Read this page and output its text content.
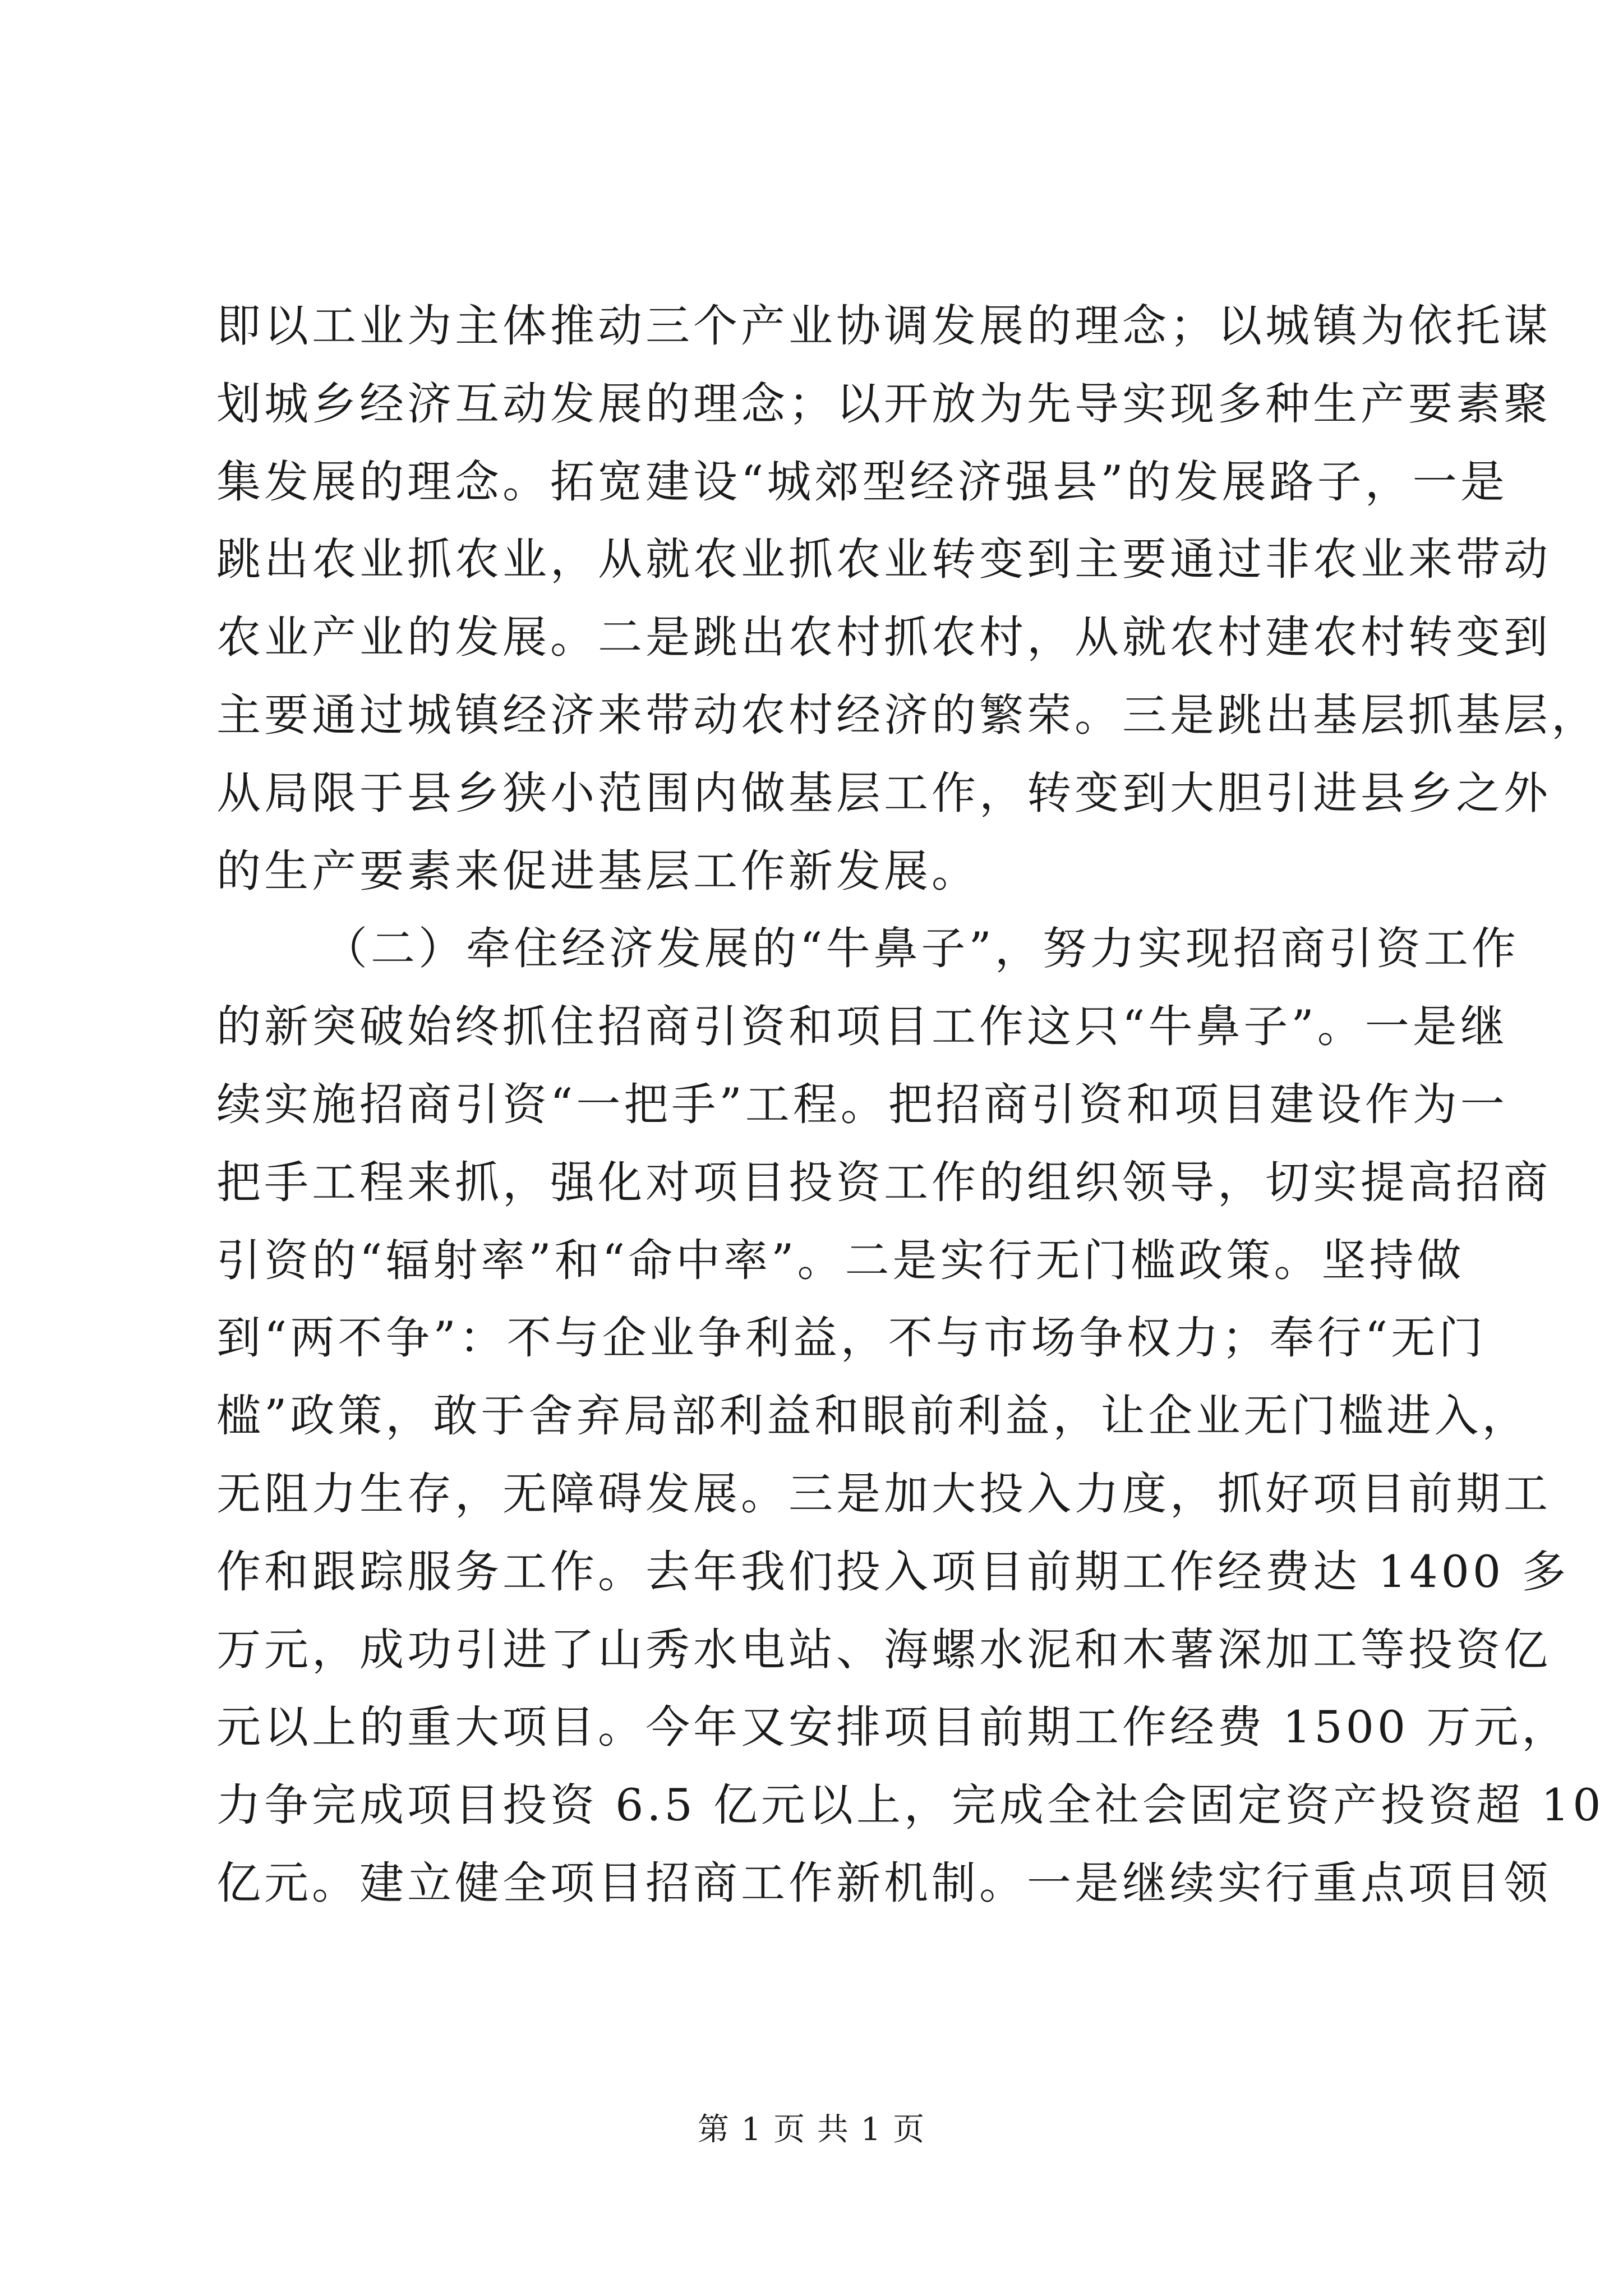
即以工业为主体推动三个产业协调发展的理念；以城镇为依托谋
划城乡经济互动发展的理念；以开放为先导实现多种生产要素聚
集发展的理念。拓宽建设“城郊型经济强县”的发展路子，一是
跳出农业抓农业，从就农业抓农业转变到主要通过非农业来带动
农业产业的发展。二是跳出农村抓农村，从就农村建农村转变到
主要通过城镇经济来带动农村经济的繁荣。三是跳出基层抓基层，
从局限于县乡狭小范围内做基层工作，转变到大胆引进县乡之外
的生产要素来促进基层工作新发展。
（二）牵住经济发展的“牛鼻子”，努力实现招商引资工作
的新突破始终抓住招商引资和项目工作这只“牛鼻子”。一是继
续实施招商引资“一把手”工程。把招商引资和项目建设作为一
把手工程来抓，强化对项目投资工作的组织领导，切实提高招商
引资的“辐射率”和“命中率”。二是实行无门槛政策。坚持做
到“两不争”：不与企业争利益，不与市场争权力；奉行“无门
槛”政策，敢于舍弃局部利益和眼前利益，让企业无门槛进入，
无阻力生存，无障碍发展。三是加大投入力度，抓好项目前期工
作和跟踪服务工作。去年我们投入项目前期工作经费达 1400 多
万元，成功引进了山秀水电站、海螺水泥和木薯深加工等投资亿
元以上的重大项目。今年又安排项目前期工作经费 1500 万元，
力争完成项目投资 6.5 亿元以上，完成全社会固定资产投资超 10
亿元。建立健全项目招商工作新机制。一是继续实行重点项目领
第 1 页 共 1 页
